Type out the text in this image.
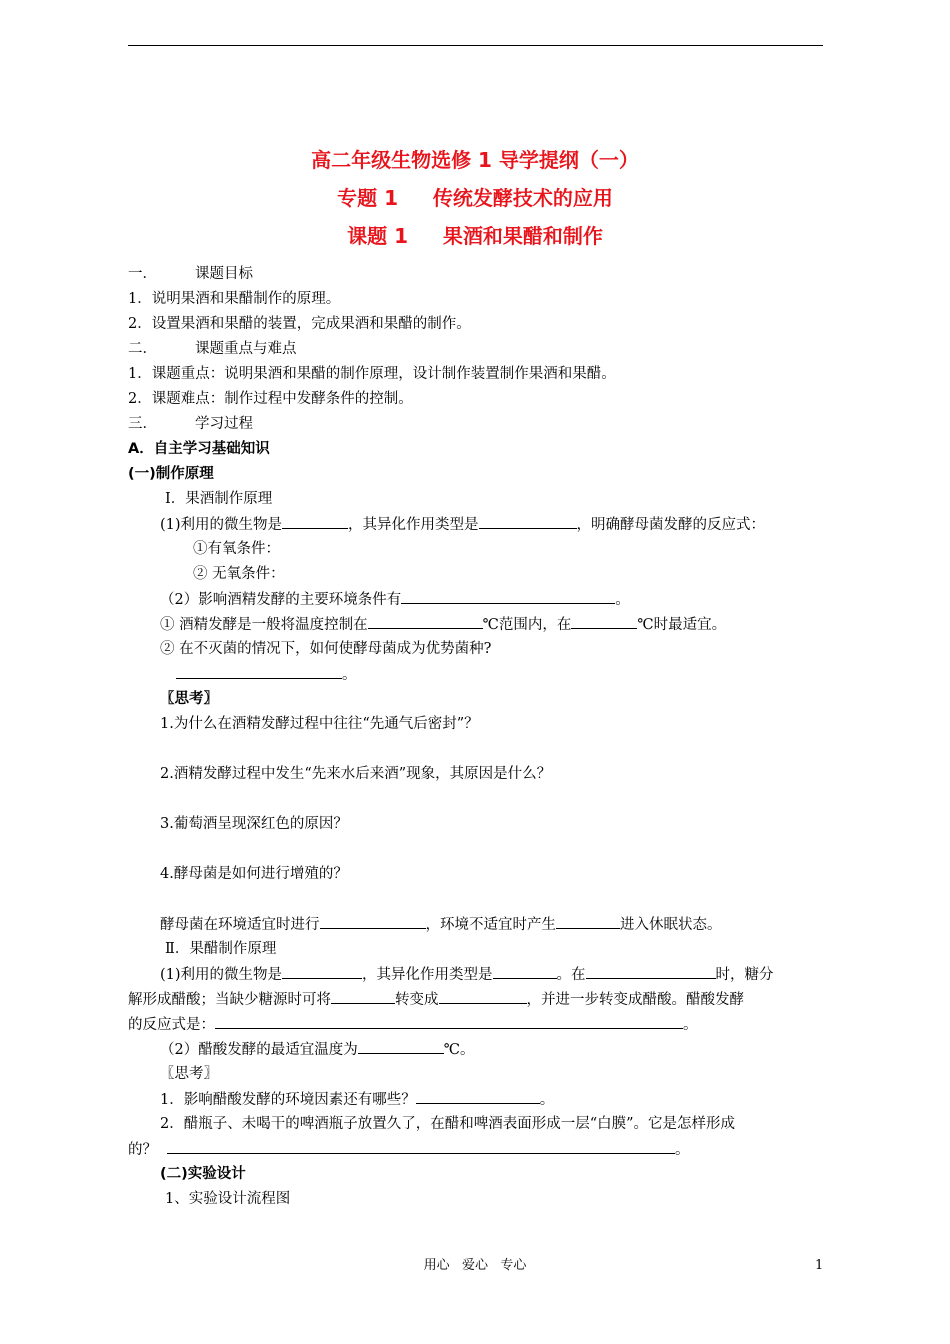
高二年级生物选修 1 导学提纲（一）
专题 1     传统发酵技术的应用
课题 1     果酒和果醋和制作
一．	课题目标
1．说明果酒和果醋制作的原理。
2．设置果酒和果醋的装置，完成果酒和果醋的制作。
二．	课题重点与难点
1．课题重点：说明果酒和果醋的制作原理，设计制作装置制作果酒和果醋。
2．课题难点：制作过程中发酵条件的控制。
三．	学习过程
A．自主学习基础知识
(一)制作原理
Ⅰ．果酒制作原理
(1)利用的微生物是	，其异化作用类型是	，明确酵母菌发酵的反应式：
①有氧条件：
② 无氧条件：
（2）影响酒精发酵的主要环境条件有	。
① 酒精发酵是一般将温度控制在	℃范围内，在	℃时最适宜。
② 在不灭菌的情况下，如何使酵母菌成为优势菌种?
。
〖思考〗
1.为什么在酒精发酵过程中往往“先通气后密封”？
2.酒精发酵过程中发生“先来水后来酒”现象，其原因是什么？
3.葡萄酒呈现深红色的原因？
4.酵母菌是如何进行增殖的？
酵母菌在环境适宜时进行	，环境不适宜时产生	进入休眠状态。
Ⅱ．果醋制作原理
(1)利用的微生物是	，其异化作用类型是	。在	时，糖分
解形成醋酸；当缺少糖源时可将	转变成	，并进一步转变成醋酸。醋酸发酵
的反应式是：	。
（2）醋酸发酵的最适宜温度为	℃。
〖思考〗
1．影响醋酸发酵的环境因素还有哪些？	。
2．醋瓶子、未喝干的啤酒瓶子放置久了，在醋和啤酒表面形成一层“白膜”。它是怎样形成
的？	。
(二)实验设计
1、实验设计流程图
用心   爱心   专心	1
